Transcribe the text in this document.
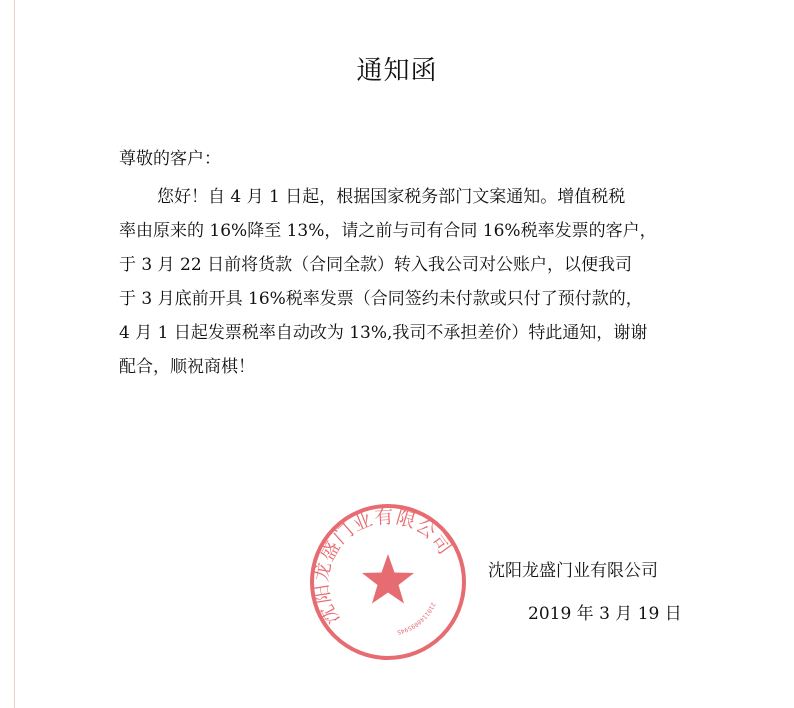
通知函
尊敬的客户：
您好！自 4 月 1 日起，根据国家税务部门文案通知。增值税税
率由原来的 16%降至 13%，请之前与司有合同 16%税率发票的客户，
于 3 月 22 日前将货款（合同全款）转入我公司对公账户，以便我司
于 3 月底前开具 16%税率发票（合同签约未付款或只付了预付款的，
4 月 1 日起发票税率自动改为 13%,我司不承担差价）特此通知，谢谢
配合，顺祝商棋！
沈阳龙盛门业有限公司
2101140095945
沈阳龙盛门业有限公司
2019 年 3 月 19 日
